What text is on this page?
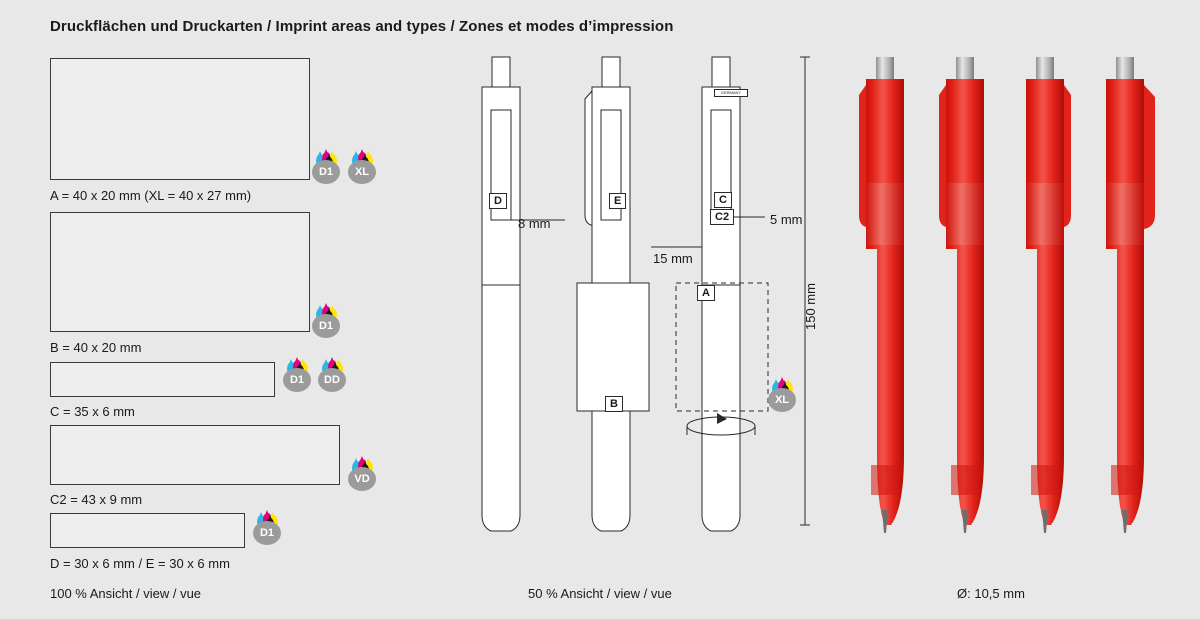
Druckflächen und Druckarten / Imprint areas and types / Zones et modes d’impression
A = 40 x 20 mm (XL = 40 x 27 mm)
D1	XL
B = 40 x 20 mm
D1
C = 35 x 6 mm
D1	DD
C2 = 43 x 9 mm
VD
D = 30 x 6 mm / E = 30 x 6 mm
D1
100 % Ansicht / view / vue
D	E
GERMANY
C
C2
B
A
8 mm	5 mm
15 mm
150 mm
XL
50 % Ansicht / view / vue	Ø: 10,5 mm
